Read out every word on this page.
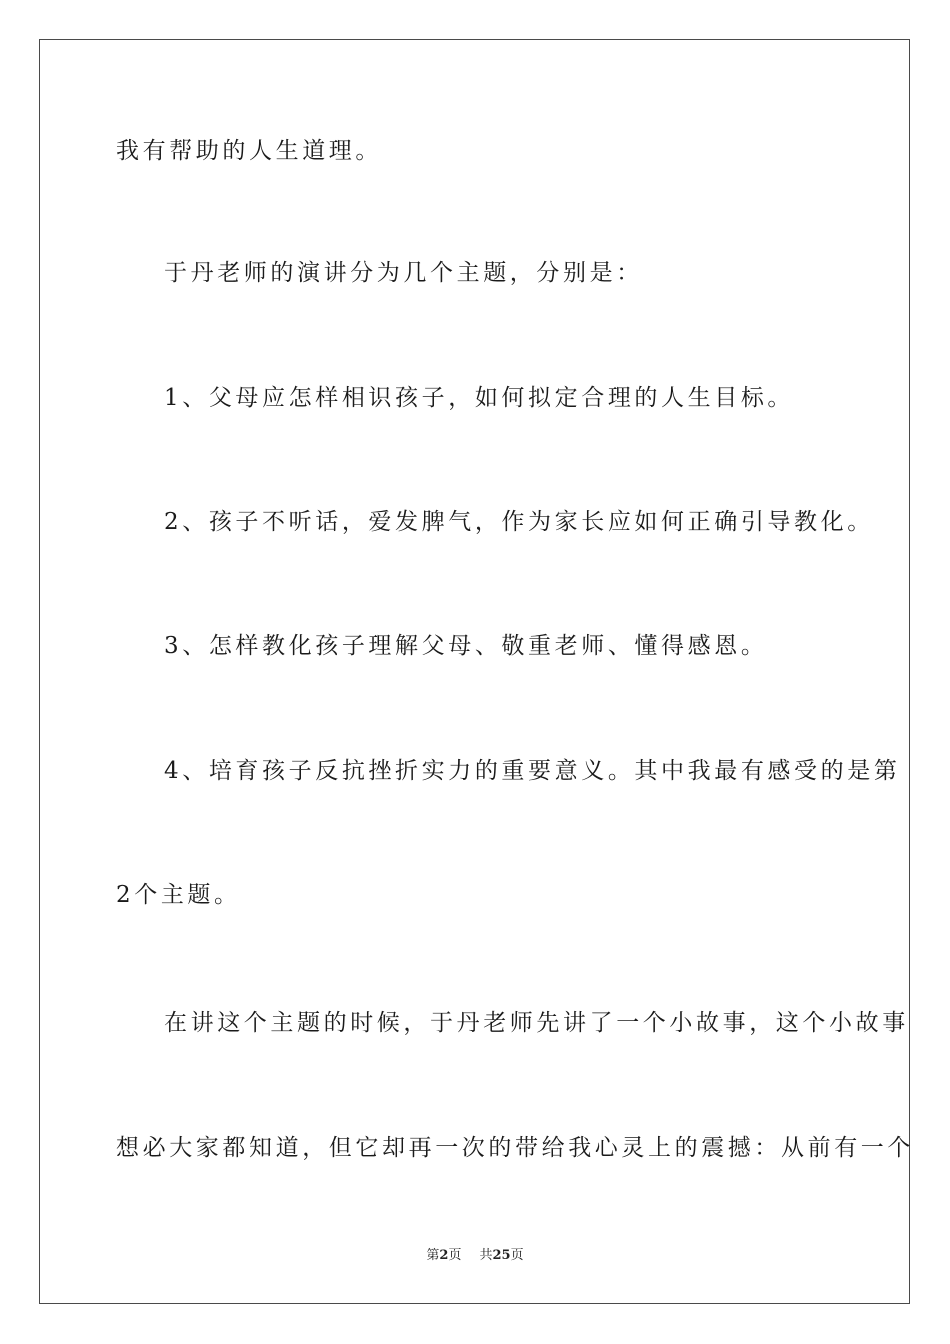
我有帮助的人生道理。
于丹老师的演讲分为几个主题，分别是：
1、父母应怎样相识孩子，如何拟定合理的人生目标。
2、孩子不听话，爱发脾气，作为家长应如何正确引导教化。
3、怎样教化孩子理解父母、敬重老师、懂得感恩。
4、培育孩子反抗挫折实力的重要意义。其中我最有感受的是第
2个主题。
在讲这个主题的时候，于丹老师先讲了一个小故事，这个小故事
想必大家都知道，但它却再一次的带给我心灵上的震撼：从前有一个
第2页 共25页
